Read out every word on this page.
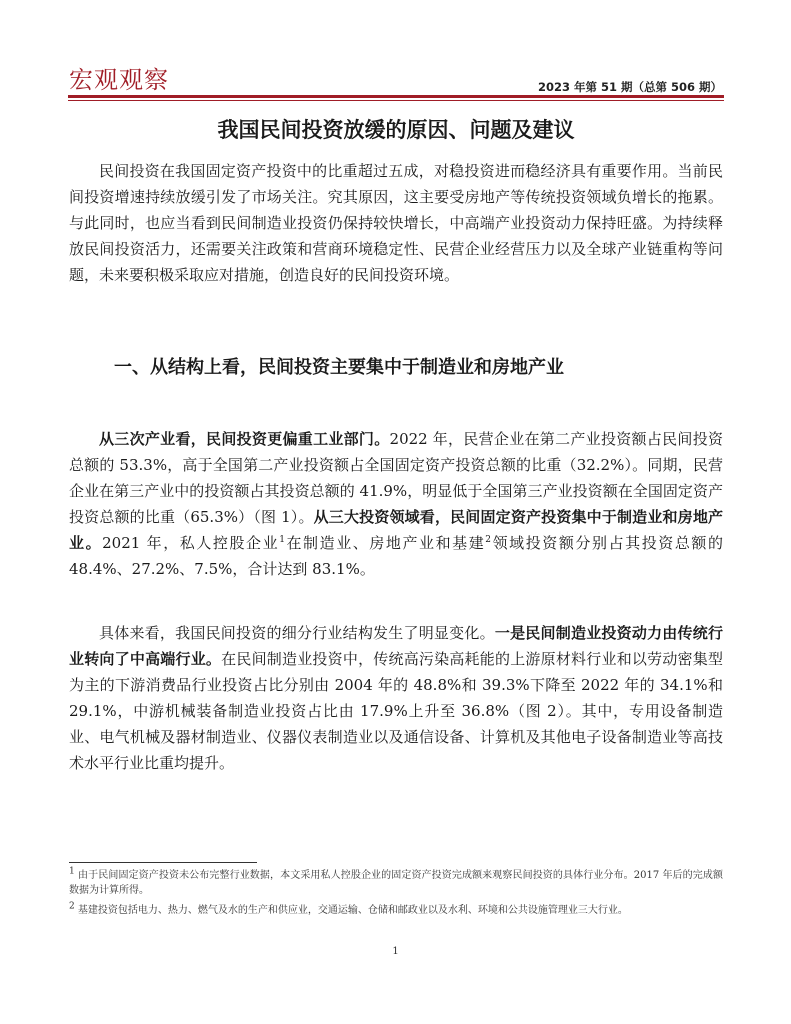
宏观观察	2023 年第 51 期（总第 506 期）
我国民间投资放缓的原因、问题及建议

民间投资在我国固定资产投资中的比重超过五成，对稳投资进而稳经济具有重要作用。当前民间投资增速持续放缓引发了市场关注。究其原因，这主要受房地产等传统投资领域负增长的拖累。与此同时，也应当看到民间制造业投资仍保持较快增长，中高端产业投资动力保持旺盛。为持续释放民间投资活力，还需要关注政策和营商环境稳定性、民营企业经营压力以及全球产业链重构等问题，未来要积极采取应对措施，创造良好的民间投资环境。

一、从结构上看，民间投资主要集中于制造业和房地产业

从三次产业看，民间投资更偏重工业部门。2022 年，民营企业在第二产业投资额占民间投资总额的 53.3%，高于全国第二产业投资额占全国固定资产投资总额的比重（32.2%）。同期，民营企业在第三产业中的投资额占其投资总额的 41.9%，明显低于全国第三产业投资额在全国固定资产投资总额的比重（65.3%）（图 1）。从三大投资领域看，民间固定资产投资集中于制造业和房地产业。2021 年，私人控股企业$^1$在制造业、房地产业和基建$^2$领域投资额分别占其投资总额的 48.4%、27.2%、7.5%，合计达到 83.1%。

具体来看，我国民间投资的细分行业结构发生了明显变化。一是民间制造业投资动力由传统行业转向了中高端行业。在民间制造业投资中，传统高污染高耗能的上游原材料行业和以劳动密集型为主的下游消费品行业投资占比分别由 2004 年的 48.8%和 39.3%下降至 2022 年的 34.1%和 29.1%，中游机械装备制造业投资占比由 17.9%上升至 36.8%（图 2）。其中，专用设备制造业、电气机械及器材制造业、仪器仪表制造业以及通信设备、计算机及其他电子设备制造业等高技术水平行业比重均提升。

$^1$ 由于民间固定资产投资未公布完整行业数据，本文采用私人控股企业的固定资产投资完成额来观察民间投资的具体行业分布。2017 年后的完成额数据为计算所得。

$^2$ 基建投资包括电力、热力、燃气及水的生产和供应业，交通运输、仓储和邮政业以及水利、环境和公共设施管理业三大行业。

1
